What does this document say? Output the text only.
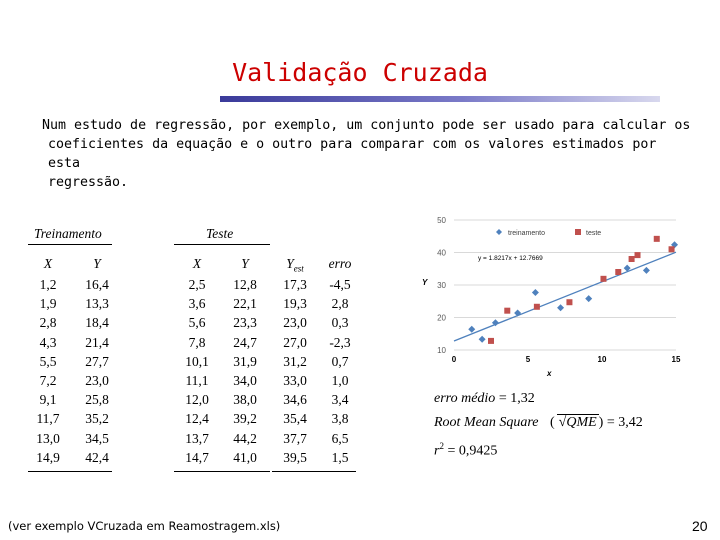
Validação Cruzada
Num estudo de regressão, por exemplo, um conjunto pode ser usado para calcular os
coeficientes da equação e o outro para comparar com os valores estimados por esta
regressão.
Treinamento	Teste
X	Y	X	Y	$Y_{est}$	erro
1,2	16,4	2,5	12,8	17,3	-4,5
1,9	13,3	3,6	22,1	19,3	2,8
2,8	18,4	5,6	23,3	23,0	0,3
4,3	21,4	7,8	24,7	27,0	-2,3
5,5	27,7	10,1	31,9	31,2	0,7
7,2	23,0	11,1	34,0	33,0	1,0
9,1	25,8	12,0	38,0	34,6	3,4
11,7	35,2	12,4	39,2	35,4	3,8
13,0	34,5	13,7	44,2	37,7	6,5
14,9	42,4	14,7	41,0	39,5	1,5
10
20
30
40
50
0	5	10	15
x
Y
y = 1.8217x + 12.7669
treinamento	teste
erro médio = 1,32
Root Mean Square ( √QME ) = 3,42
$r^2 = 0,9425$
(ver exemplo VCruzada em Reamostragem.xls)	20
